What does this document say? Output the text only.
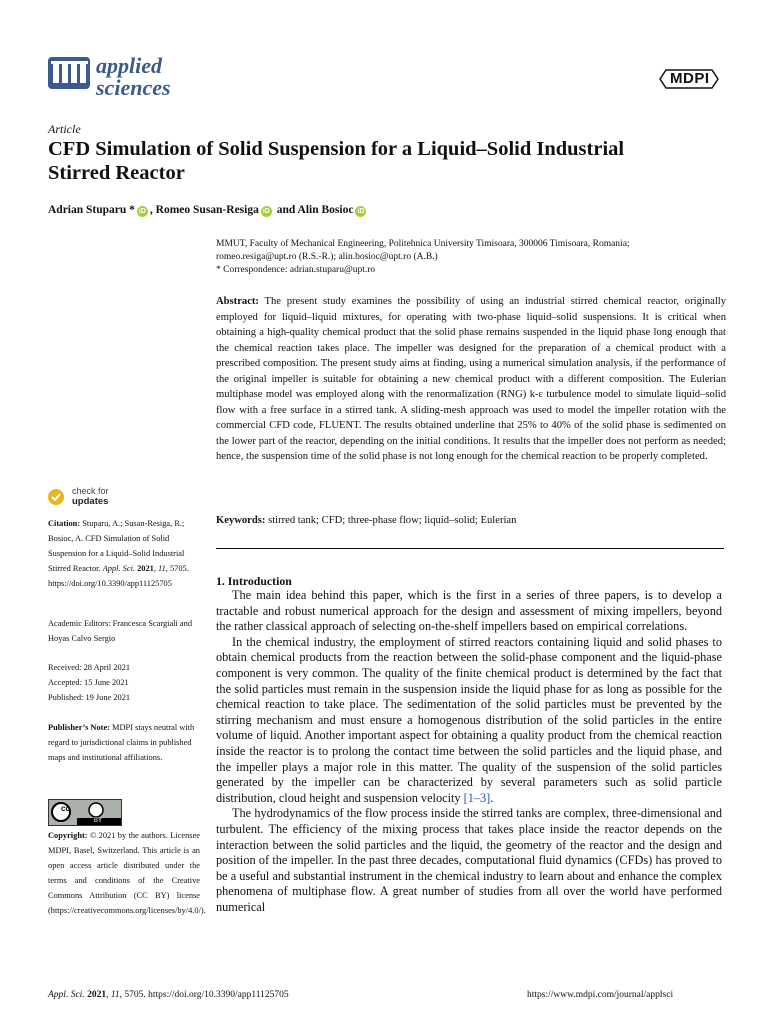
applied
sciences	MDPI
Article
CFD Simulation of Solid Suspension for a Liquid–Solid Industrial Stirred Reactor
Adrian Stuparu * iD , Romeo Susan-Resiga iD and Alin Bosioc iD
MMUT, Faculty of Mechanical Engineering, Politehnica University Timisoara, 300006 Timisoara, Romania;
romeo.resiga@upt.ro (R.S.-R.); alin.bosioc@upt.ro (A.B.)
* Correspondence: adrian.stuparu@upt.ro
Abstract: The present study examines the possibility of using an industrial stirred chemical reactor, originally employed for liquid–liquid mixtures, for operating with two-phase liquid–solid suspensions. It is critical when obtaining a high-quality chemical product that the solid phase remains suspended in the liquid phase long enough that the chemical reaction takes place. The impeller was designed for the preparation of a chemical product with a prescribed composition. The present study aims at finding, using a numerical simulation analysis, if the performance of the original impeller is suitable for obtaining a new chemical product with a different composition. The Eulerian multiphase model was employed along with the renormalization (RNG) k-ε turbulence model to simulate liquid–solid flow with a free surface in a stirred tank. A sliding-mesh approach was used to model the impeller rotation with the commercial CFD code, FLUENT. The results obtained underline that 25% to 40% of the solid phase is sedimented on the lower part of the reactor, depending on the initial conditions. It results that the impeller does not perform as needed; hence, the suspension time of the solid phase is not long enough for the chemical reaction to be properly completed.
Keywords: stirred tank; CFD; three-phase flow; liquid–solid; Eulerian
check for
updates
Citation: Stuparu, A.; Susan-Resiga, R.; Bosioc, A. CFD Simulation of Solid Suspension for a Liquid–Solid Industrial Stirred Reactor. Appl. Sci. 2021, 11, 5705. https://doi.org/10.3390/app11125705
Academic Editors: Francesca Scargiali and Hoyas Calvo Sergio
Received: 28 April 2021
Accepted: 15 June 2021
Published: 19 June 2021
Publisher’s Note: MDPI stays neutral with regard to jurisdictional claims in published maps and institutional affiliations.
cc
BY
Copyright: © 2021 by the authors. Licensee MDPI, Basel, Switzerland. This article is an open access article distributed under the terms and conditions of the Creative Commons Attribution (CC BY) license (https://creativecommons.org/licenses/by/4.0/).
1. Introduction

The main idea behind this paper, which is the first in a series of three papers, is to develop a tractable and robust numerical approach for the design and assessment of mixing impellers, beyond the rather classical approach of selecting on-the-shelf impellers based on empirical correlations.

In the chemical industry, the employment of stirred reactors containing liquid and solid phases to obtain chemical products from the reaction between the solid-phase component and the liquid-phase component is very common. The quality of the finite chemical product is determined by the fact that the solid particles must remain in the suspension inside the liquid phase for as long as possible for the chemical reaction to take place. The sedimentation of the solid particles must be prevented by the stirring mechanism and must ensure a homogenous distribution of the solid particles in the entire volume of liquid. Another important aspect for obtaining a quality product from the chemical reaction inside the reactor is to prolong the contact time between the solid particles and the liquid phase, and the impeller plays a major role in this matter. The quality of the suspension of the solid particles generated by the impeller can be characterized by several parameters such as solid particle distribution, cloud height and suspension velocity [1–3].

The hydrodynamics of the flow process inside the stirred tanks are complex, three-dimensional and turbulent. The efficiency of the mixing process that takes place inside the reactor depends on the interaction between the solid particles and the liquid, the geometry of the reactor and the design and position of the impeller. In the past three decades, computational fluid dynamics (CFDs) has proved to be a useful and substantial instrument in the chemical industry to learn about and enhance the complex phenomena of multiphase flow. A great number of studies from all over the world have performed numerical

Appl. Sci. 2021, 11, 5705. https://doi.org/10.3390/app11125705	https://www.mdpi.com/journal/applsci
